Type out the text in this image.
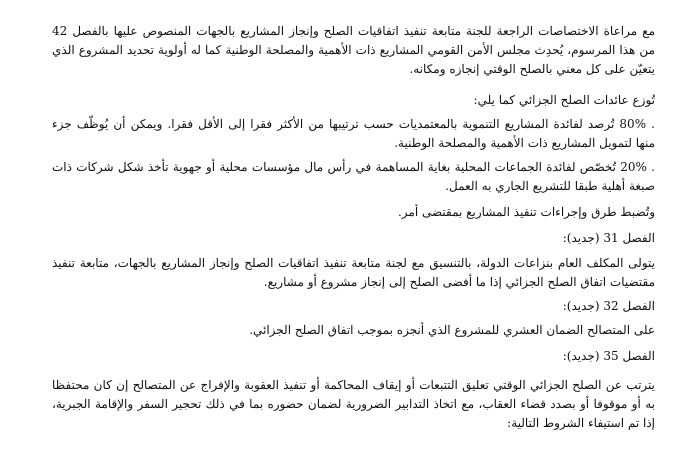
مع مراعاة الاختصاصات الراجعة للجنة متابعة تنفيذ اتفاقيات الصلح وإنجاز المشاريع بالجهات المنصوص عليها بالفصل 42 من هذا المرسوم، يُحدِث مجلس الأمن القومي المشاريع ذات الأهمية والمصلحة الوطنية كما له أولوية تحديد المشروع الذي يتعيّن على كل معني بالصلح الوقتي إنجازه ومكانه.

تُوزع عائدات الصلح الجزائي كما يلي:

. 80% تُرصد لفائدة المشاريع التنموية بالمعتمديات حسب ترتيبها من الأكثر فقرا إلى الأقل فقرا. ويمكن أن يُوظّف جزء منها لتمويل المشاريع ذات الأهمية والمصلحة الوطنية.

. 20% تُخصّص لفائدة الجماعات المحلية بغاية المساهمة في رأس مال مؤسسات محلية أو جهوية تأخذ شكل شركات ذات صبغة أهلية طبقا للتشريع الجاري به العمل.

وتُضبط طرق وإجراءات تنفيذ المشاريع بمقتضى أمر.

الفصل 31 (جديد):

يتولى المكلف العام بنزاعات الدولة، بالتنسيق مع لجنة متابعة تنفيذ اتفاقيات الصلح وإنجاز المشاريع بالجهات، متابعة تنفيذ مقتضيات اتفاق الصلح الجزائي إذا ما أفضى الصلح إلى إنجاز مشروع أو مشاريع.

الفصل 32 (جديد):

على المتصالح الضمان العشري للمشروع الذي أنجزه بموجب اتفاق الصلح الجزائي.

الفصل 35 (جديد):

يترتب عن الصلح الجزائي الوقتي تعليق التتبعات أو إيقاف المحاكمة أو تنفيذ العقوبة والإفراج عن المتصالح إن كان محتفظا به أو موقوفا أو بصدد قضاء العقاب، مع اتخاذ التدابير الضرورية لضمان حضوره بما في ذلك تحجير السفر والإقامة الجبرية، إذا تم استيفاء الشروط التالية:
